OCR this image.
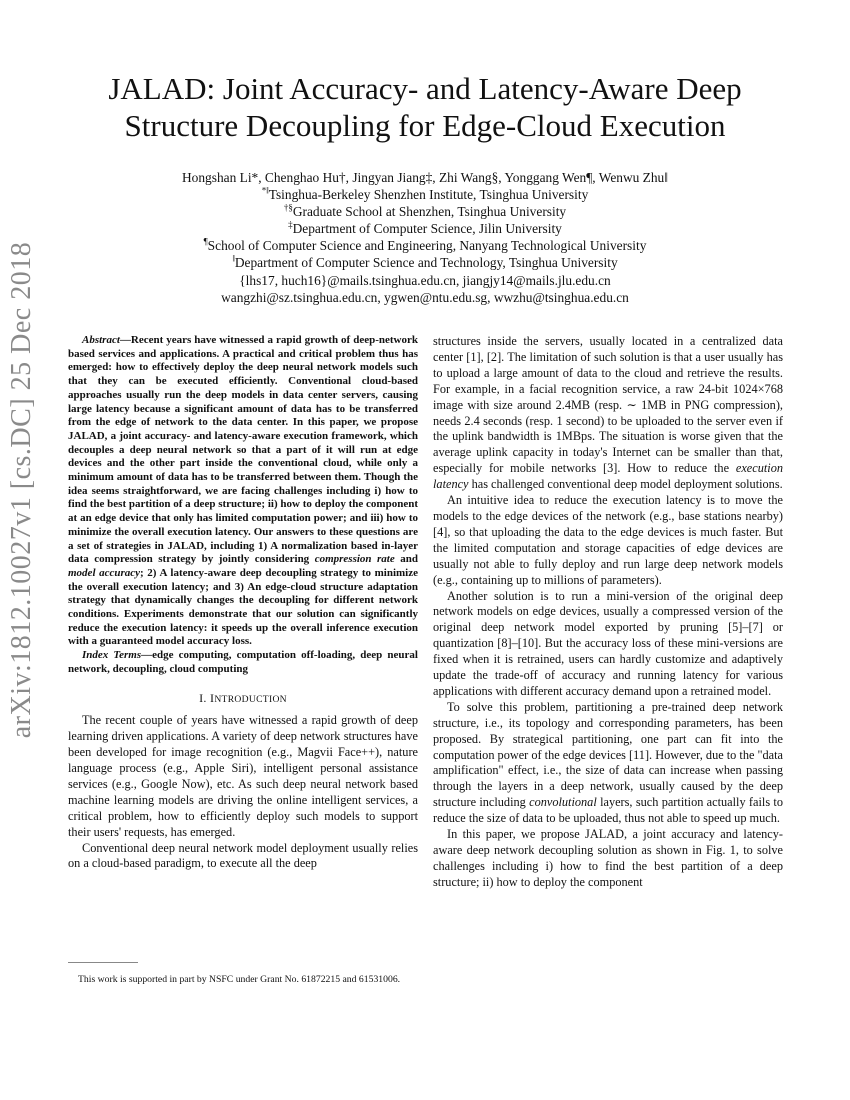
arXiv:1812.10027v1 [cs.DC] 25 Dec 2018
JALAD: Joint Accuracy- and Latency-Aware Deep
Structure Decoupling for Edge-Cloud Execution
Hongshan Li*, Chenghao Hu†, Jingyan Jiang‡, Zhi Wang§, Yonggang Wen¶, Wenwu Zhu‖
*‖Tsinghua-Berkeley Shenzhen Institute, Tsinghua University
†§Graduate School at Shenzhen, Tsinghua University
‡Department of Computer Science, Jilin University
¶School of Computer Science and Engineering, Nanyang Technological University
‖Department of Computer Science and Technology, Tsinghua University
{lhs17, huch16}@mails.tsinghua.edu.cn, jiangjy14@mails.jlu.edu.cn
wangzhi@sz.tsinghua.edu.cn, ygwen@ntu.edu.sg, wwzhu@tsinghua.edu.cn

Abstract—Recent years have witnessed a rapid growth of deep-network based services and applications. A practical and critical problem thus has emerged: how to effectively deploy the deep neural network models such that they can be executed efficiently. Conventional cloud-based approaches usually run the deep models in data center servers, causing large latency because a significant amount of data has to be transferred from the edge of network to the data center. In this paper, we propose JALAD, a joint accuracy- and latency-aware execution framework, which decouples a deep neural network so that a part of it will run at edge devices and the other part inside the conventional cloud, while only a minimum amount of data has to be transferred between them. Though the idea seems straightforward, we are facing challenges including i) how to find the best partition of a deep structure; ii) how to deploy the component at an edge device that only has limited computation power; and iii) how to minimize the overall execution latency. Our answers to these questions are a set of strategies in JALAD, including 1) A normalization based in-layer data compression strategy by jointly considering compression rate and model accuracy; 2) A latency-aware deep decoupling strategy to minimize the overall execution latency; and 3) An edge-cloud structure adaptation strategy that dynamically changes the decoupling for different network conditions. Experiments demonstrate that our solution can significantly reduce the execution latency: it speeds up the overall inference execution with a guaranteed model accuracy loss.

Index Terms—edge computing, computation off-loading, deep neural network, decoupling, cloud computing

I. INTRODUCTION

The recent couple of years have witnessed a rapid growth of deep learning driven applications. A variety of deep network structures have been developed for image recognition (e.g., Magvii Face++), nature language process (e.g., Apple Siri), intelligent personal assistance services (e.g., Google Now), etc. As such deep neural network based machine learning models are driving the online intelligent services, a critical problem, how to efficiently deploy such models to support their users' requests, has emerged.

Conventional deep neural network model deployment usually relies on a cloud-based paradigm, to execute all the deep

This work is supported in part by NSFC under Grant No. 61872215 and 61531006.

structures inside the servers, usually located in a centralized data center [1], [2]. The limitation of such solution is that a user usually has to upload a large amount of data to the cloud and retrieve the results. For example, in a facial recognition service, a raw 24-bit 1024×768 image with size around 2.4MB (resp. ∼ 1MB in PNG compression), needs 2.4 seconds (resp. 1 second) to be uploaded to the server even if the uplink bandwidth is 1MBps. The situation is worse given that the average uplink capacity in today's Internet can be smaller than that, especially for mobile networks [3]. How to reduce the execution latency has challenged conventional deep model deployment solutions.

An intuitive idea to reduce the execution latency is to move the models to the edge devices of the network (e.g., base stations nearby) [4], so that uploading the data to the edge devices is much faster. But the limited computation and storage capacities of edge devices are usually not able to fully deploy and run large deep network models (e.g., containing up to millions of parameters).

Another solution is to run a mini-version of the original deep network models on edge devices, usually a compressed version of the original deep network model exported by pruning [5]–[7] or quantization [8]–[10]. But the accuracy loss of these mini-versions are fixed when it is retrained, users can hardly customize and adaptively update the trade-off of accuracy and running latency for various applications with different accuracy demand upon a retrained model.

To solve this problem, partitioning a pre-trained deep network structure, i.e., its topology and corresponding parameters, has been proposed. By strategical partitioning, one part can fit into the computation power of the edge devices [11]. However, due to the "data amplification" effect, i.e., the size of data can increase when passing through the layers in a deep network, usually caused by the deep structure including convolutional layers, such partition actually fails to reduce the size of data to be uploaded, thus not able to speed up much.

In this paper, we propose JALAD, a joint accuracy and latency-aware deep network decoupling solution as shown in Fig. 1, to solve challenges including i) how to find the best partition of a deep structure; ii) how to deploy the component
